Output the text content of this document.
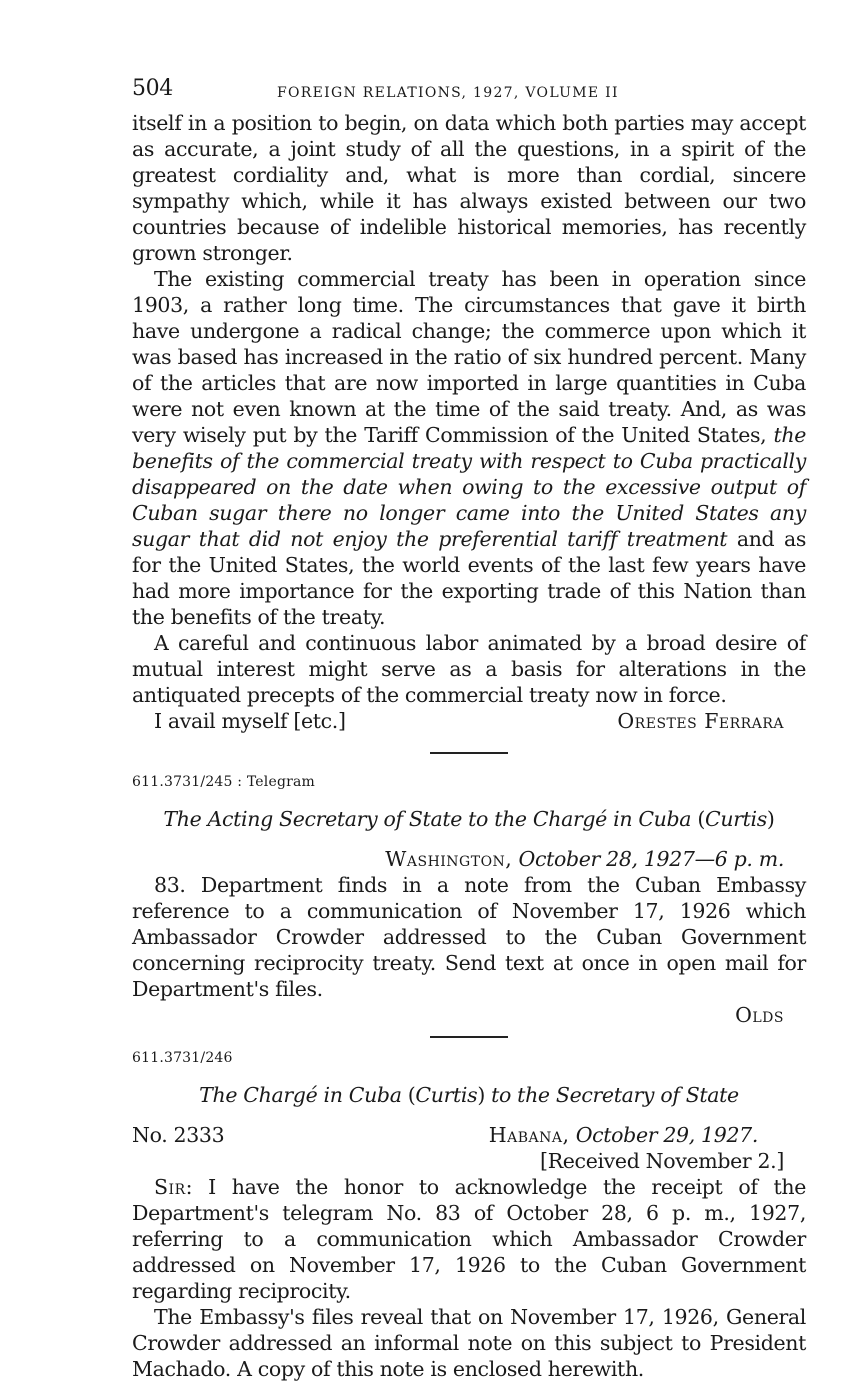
504	FOREIGN RELATIONS, 1927, VOLUME II

itself in a position to begin, on data which both parties may accept as accurate, a joint study of all the questions, in a spirit of the greatest cordiality and, what is more than cordial, sincere sympathy which, while it has always existed between our two countries because of indelible historical memories, has recently grown stronger.

The existing commercial treaty has been in operation since 1903, a rather long time. The circumstances that gave it birth have undergone a radical change; the commerce upon which it was based has increased in the ratio of six hundred percent. Many of the articles that are now imported in large quantities in Cuba were not even known at the time of the said treaty. And, as was very wisely put by the Tariff Commission of the United States, the benefits of the commercial treaty with respect to Cuba practically disappeared on the date when owing to the excessive output of Cuban sugar there no longer came into the United States any sugar that did not enjoy the preferential tariff treatment and as for the United States, the world events of the last few years have had more importance for the exporting trade of this Nation than the benefits of the treaty.

A careful and continuous labor animated by a broad desire of mutual interest might serve as a basis for alterations in the antiquated precepts of the commercial treaty now in force.

I avail myself [etc.]	Orestes Ferrara
611.3731/245 : Telegram
The Acting Secretary of State to the Chargé in Cuba (Curtis)
Washington, October 28, 1927—6 p. m.

83. Department finds in a note from the Cuban Embassy reference to a communication of November 17, 1926 which Ambassador Crowder addressed to the Cuban Government concerning reciprocity treaty. Send text at once in open mail for Department's files.

Olds
611.3731/246
The Chargé in Cuba (Curtis) to the Secretary of State
No. 2333	Habana, October 29, 1927.
[Received November 2.]

Sir: I have the honor to acknowledge the receipt of the Department's telegram No. 83 of October 28, 6 p. m., 1927, referring to a communication which Ambassador Crowder addressed on November 17, 1926 to the Cuban Government regarding reciprocity.

The Embassy's files reveal that on November 17, 1926, General Crowder addressed an informal note on this subject to President Machado. A copy of this note is enclosed herewith.
